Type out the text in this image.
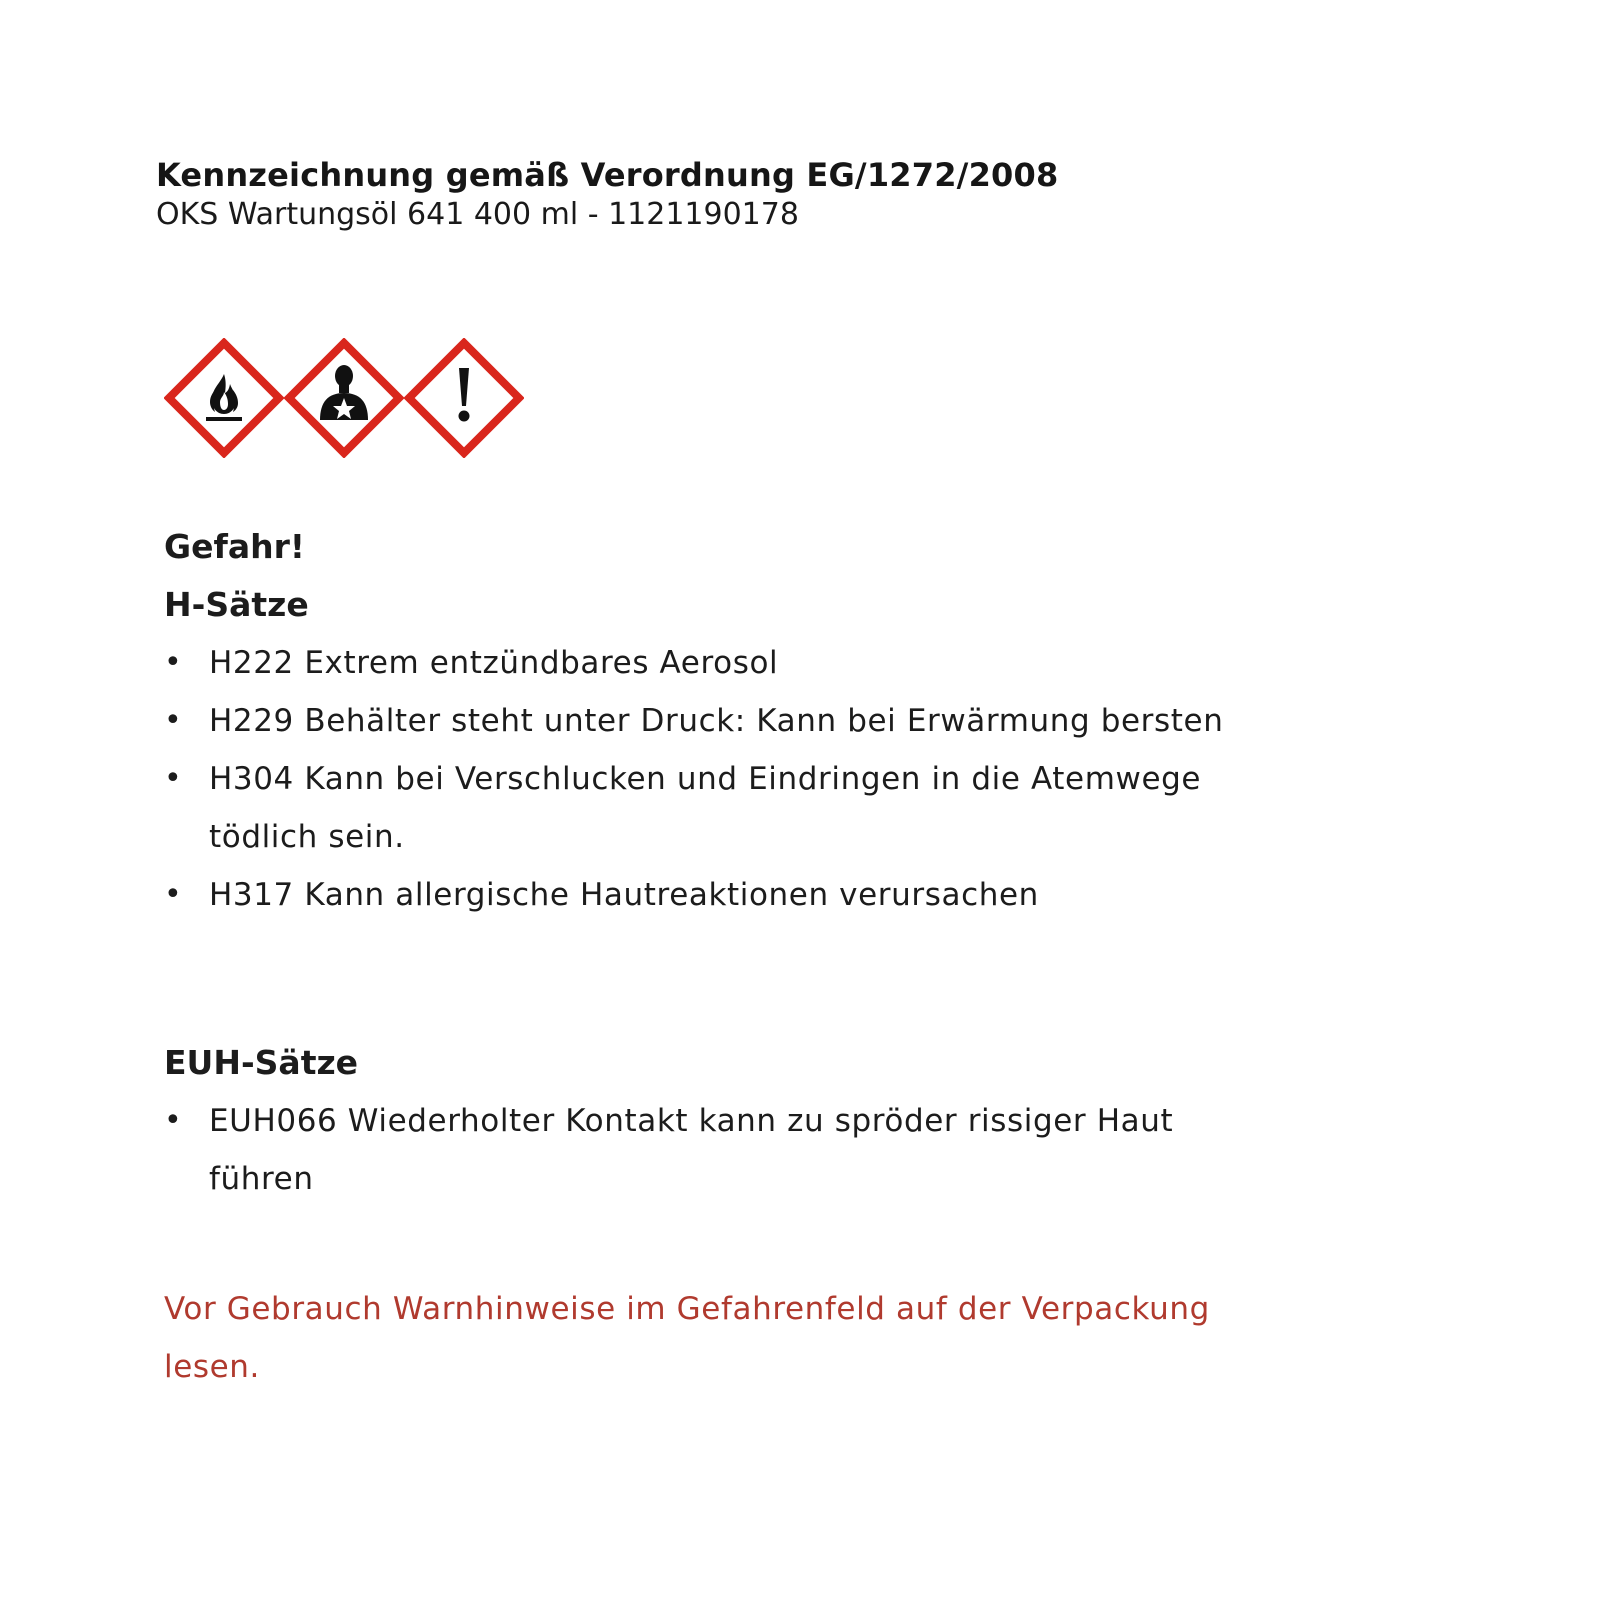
Kennzeichnung gemäß Verordnung EG/1272/2008
OKS Wartungsöl 641 400 ml - 1121190178
Gefahr!
H-Sätze
• H222 Extrem entzündbares Aerosol
• H229 Behälter steht unter Druck: Kann bei Erwärmung bersten
• H304 Kann bei Verschlucken und Eindringen in die Atemwege tödlich sein.
• H317 Kann allergische Hautreaktionen verursachen
EUH-Sätze
• EUH066 Wiederholter Kontakt kann zu spröder rissiger Haut führen
Vor Gebrauch Warnhinweise im Gefahrenfeld auf der Verpackung lesen.
